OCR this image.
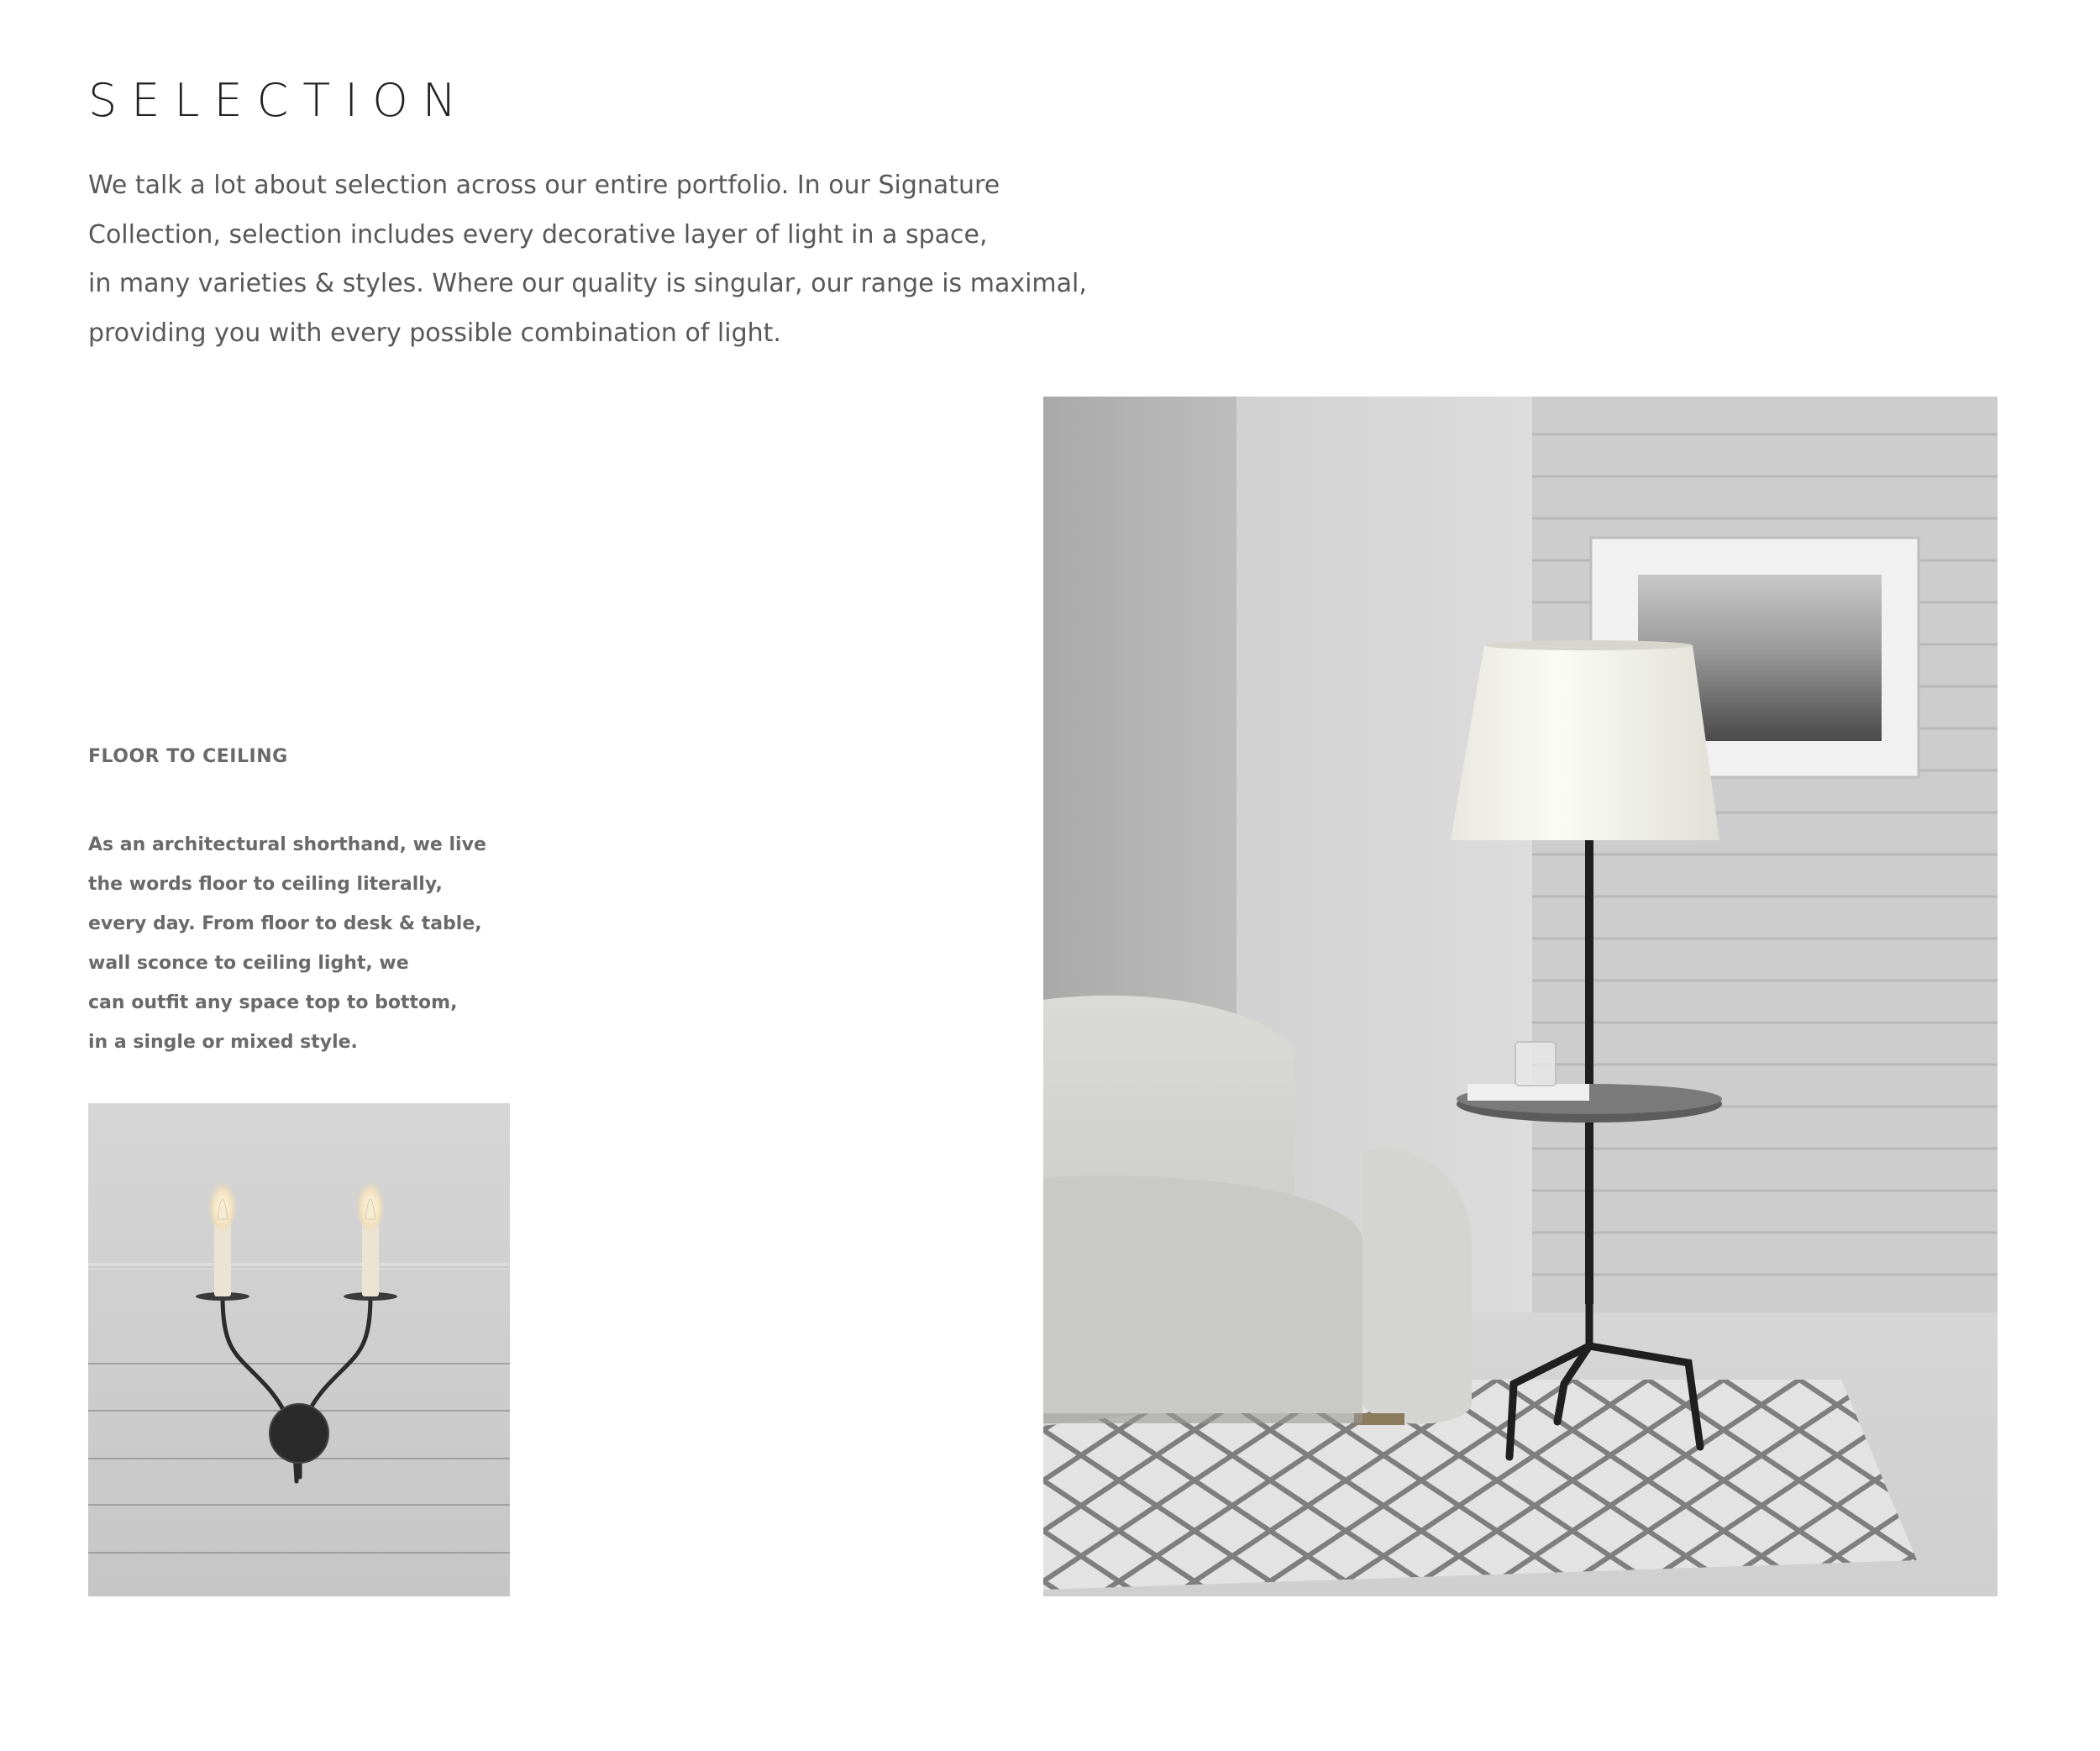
SELECTION

We talk a lot about selection across our entire portfolio. In our Signature
Collection, selection includes every decorative layer of light in a space,
in many varieties & styles. Where our quality is singular, our range is maximal,
providing you with every possible combination of light.

FLOOR TO CEILING

As an architectural shorthand, we live
the words floor to ceiling literally,
every day. From floor to desk & table,
wall sconce to ceiling light, we
can outfit any space top to bottom,
in a single or mixed style.
